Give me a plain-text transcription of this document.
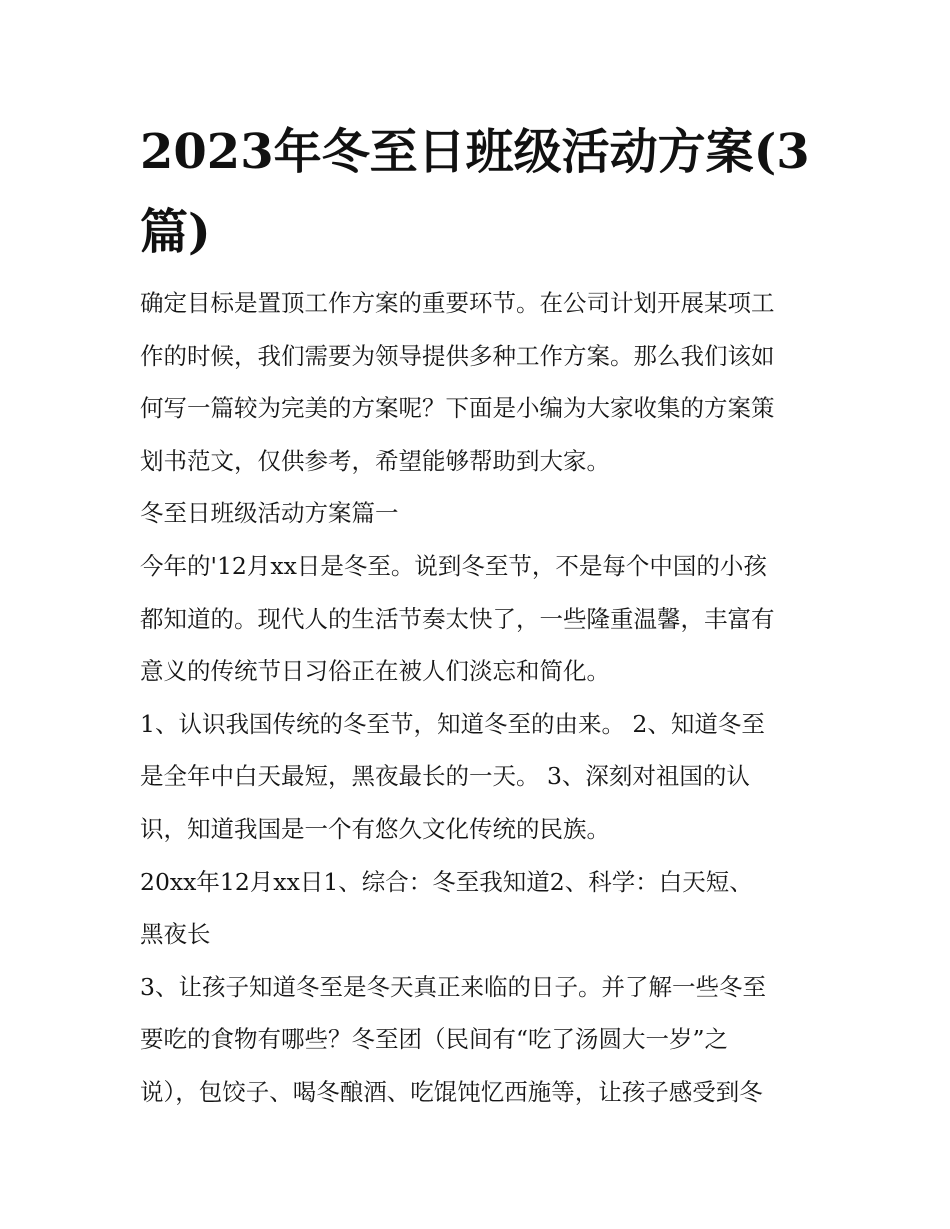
2023年冬至日班级活动方案(3
篇)
确定目标是置顶工作方案的重要环节。在公司计划开展某项工
作的时候，我们需要为领导提供多种工作方案。那么我们该如
何写一篇较为完美的方案呢？下面是小编为大家收集的方案策
划书范文，仅供参考，希望能够帮助到大家。
冬至日班级活动方案篇一
今年的'12月xx日是冬至。说到冬至节，不是每个中国的小孩
都知道的。现代人的生活节奏太快了，一些隆重温馨，丰富有
意义的传统节日习俗正在被人们淡忘和简化。
1、认识我国传统的冬至节，知道冬至的由来。 2、知道冬至
是全年中白天最短，黑夜最长的一天。 3、深刻对祖国的认
识，知道我国是一个有悠久文化传统的民族。
20xx年12月xx日1、综合：冬至我知道2、科学：白天短、
黑夜长
3、让孩子知道冬至是冬天真正来临的日子。并了解一些冬至
要吃的食物有哪些？冬至团（民间有“吃了汤圆大一岁”之
说），包饺子、喝冬酿酒、吃馄饨忆西施等，让孩子感受到冬
